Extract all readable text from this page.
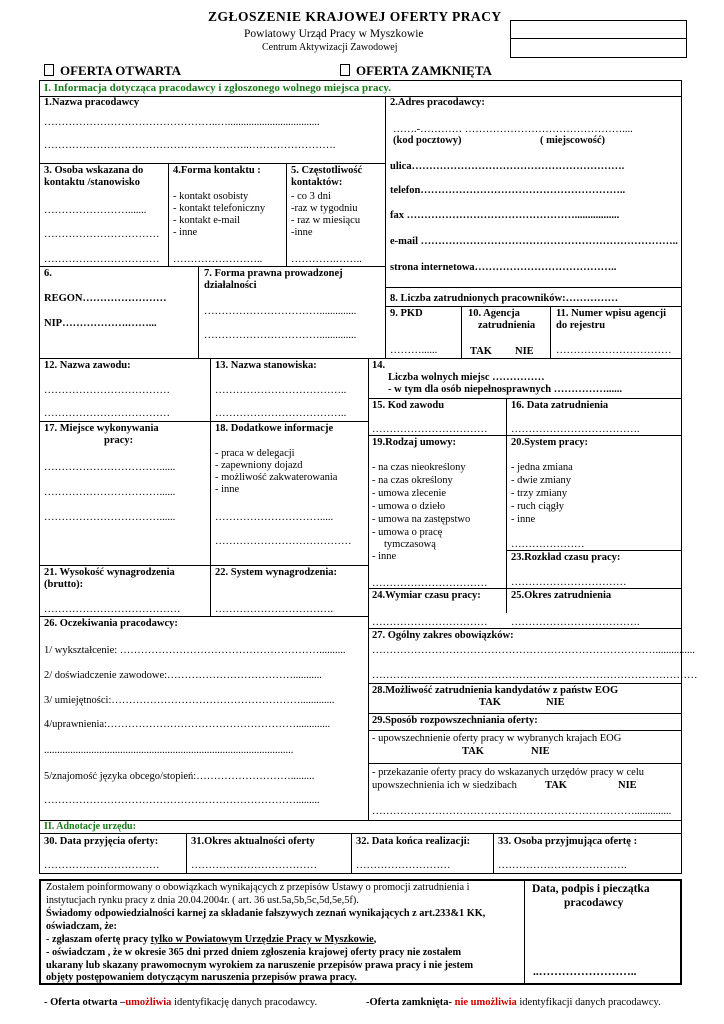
ZGŁOSZENIE KRAJOWEJ OFERTY PRACY
Powiatowy Urząd Pracy w Myszkowie
Centrum Aktywizacji Zawodowej
OFERTA OTWARTA	OFERTA ZAMKNIĘTA
I. Informacja dotycząca pracodawcy i zgłoszonego wolnego miejsca pracy.
1.Nazwa pracodawcy
…………………………………………..…...................................
…………………………………………………..…………………….
2.Adres pracodawcy:
…….-………… ………………………………………....
(kod pocztowy)	( miejscowość)
ulica…………………………………………………….
telefon…………………………………………………..
fax ………………………………………….................
e-mail ………………………………………………………………..
strona internetowa…………………………………..
3. Osoba wskazana do
kontaktu /stanowisko
…………………….......
……………………………
……………………………
4.Forma kontaktu :
- kontakt osobisty
- kontakt telefoniczny
- kontakt e-mail
- inne
……………………..
5. Częstotliwość
kontaktów:
- co 3 dni
-raz w tygodniu
- raz w miesiącu
-inne
………….……..
6.
REGON……………………
NIP……………….……...
7. Forma prawna prowadzonej
działalności
……………………………..............
……………………………..............
8. Liczba zatrudnionych pracowników:……………
9. PKD
………......
10. Agencja
zatrudnienia
TAK NIE
11. Numer wpisu agencji
do rejestru
……………………………
12. Nazwa zawodu:
………………………………
………………………………
13. Nazwa stanowiska:
………………………………..
………………………………..
14.
Liczba wolnych miejsc ……………
- w tym dla osób niepełnosprawnych ……………......
15. Kod zawodu
……………………………
16. Data zatrudnienia
……………………………….
17. Miejsce wykonywania
pracy:
……………………………......
……………………………......
……………………………......
18. Dodatkowe informacje
- praca w delegacji
- zapewniony dojazd
- możliwość zakwaterowania
- inne
………………………….....
…………………………………
19.Rodzaj umowy:
- na czas nieokreślony
- na czas określony
- umowa zlecenie
- umowa o dzieło
- umowa na zastępstwo
- umowa o pracę
tymczasową
- inne
……………………………
20.System pracy:
- jedna zmiana
- dwie zmiany
- trzy zmiany
- ruch ciągły
- inne
…………………
23.Rozkład czasu pracy:
……………………………
21. Wysokość wynagrodzenia
(brutto):
…………………………………
22. System wynagrodzenia:
…………………………….
24.Wymiar czasu pracy:
……………………………
25.Okres zatrudnienia
……………………………….
26. Oczekiwania pracodawcy:
1/ wykształcenie: …………………………………………………..........
2/ doświadczenie zawodowe:………………………………...........
3/ umiejętności:……………………………………………….............
4/uprawnienia:……………………………………………….............
...............................................................................................
5/znajomość języka obcego/stopień:……………………….........
……………………………………………………………….........
27. Ogólny zakres obowiązków:
………………………………………………………………………...............
…………………………………………………………………………………
28.Możliwość zatrudnienia kandydatów z państw EOG
TAK	NIE
29.Sposób rozpowszechniania oferty:
- upowszechnienie oferty pracy w wybranych krajach EOG
TAK	NIE
- przekazanie oferty pracy do wskazanych urzędów pracy w celu
upowszechnienia ich w siedzibach	TAK	NIE
…………………………………………………………………..............
II. Adnotacje urzędu:
30. Data przyjęcia oferty:
……………………………
31.Okres aktualności oferty
………………………………
32. Data końca realizacji:
………………………
33. Osoba przyjmująca ofertę :
……………………………….
Zostałem poinformowany o obowiązkach wynikających z przepisów Ustawy o promocji zatrudnienia i
instytucjach rynku pracy z dnia 20.04.2004r. ( art. 36 ust.5a,5b,5c,5d,5e,5f).
Świadomy odpowiedzialności karnej za składanie fałszywych zeznań wynikających z art.233&1 KK,
oświadczam, że:
- zgłaszam ofertę pracy tylko w Powiatowym Urzędzie Pracy w Myszkowie,
- oświadczam , że w okresie 365 dni przed dniem zgłoszenia krajowej oferty pracy nie zostałem
ukarany lub skazany prawomocnym wyrokiem za naruszenie przepisów prawa pracy i nie jestem
objęty postępowaniem dotyczącym naruszenia przepisów prawa pracy.
Data, podpis i pieczątka
pracodawcy
..……………………..
- Oferta otwarta –umożliwia identyfikację danych pracodawcy.	-Oferta zamknięta- nie umożliwia identyfikacji danych pracodawcy.
